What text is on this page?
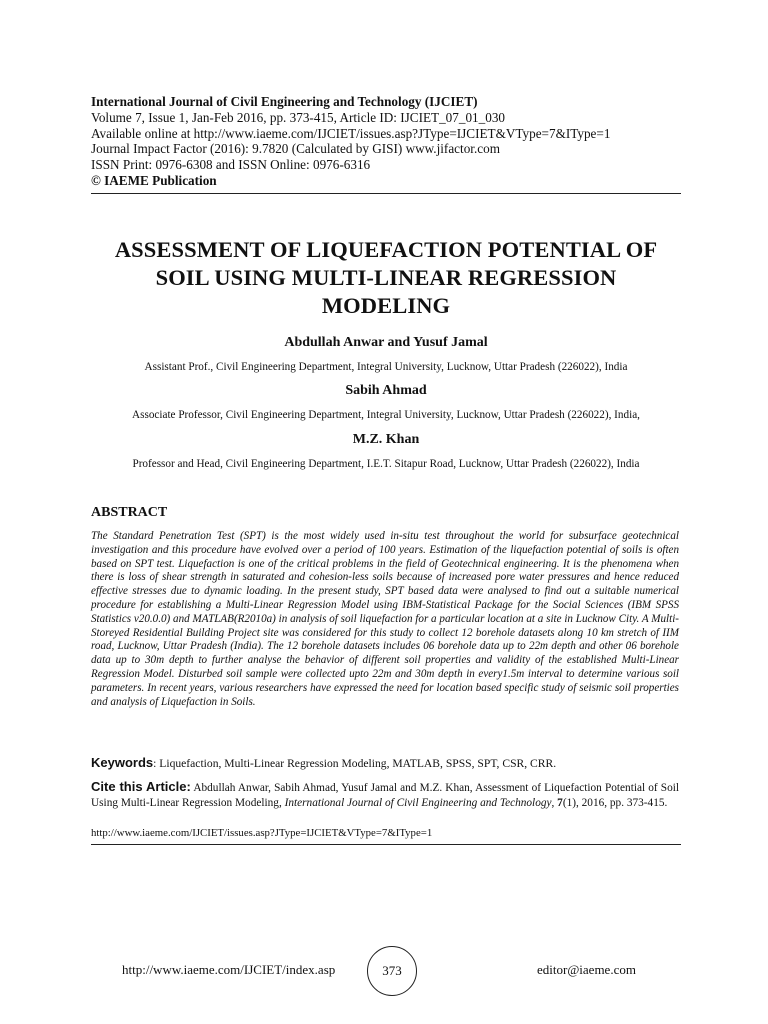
International Journal of Civil Engineering and Technology (IJCIET)
Volume 7, Issue 1, Jan-Feb 2016, pp. 373-415, Article ID: IJCIET_07_01_030
Available online at http://www.iaeme.com/IJCIET/issues.asp?JType=IJCIET&VType=7&IType=1
Journal Impact Factor (2016): 9.7820 (Calculated by GISI) www.jifactor.com
ISSN Print: 0976-6308 and ISSN Online: 0976-6316
© IAEME Publication
ASSESSMENT OF LIQUEFACTION POTENTIAL OF
SOIL USING MULTI-LINEAR REGRESSION
MODELING
Abdullah Anwar and Yusuf Jamal
Assistant Prof., Civil Engineering Department, Integral University, Lucknow, Uttar Pradesh (226022), India
Sabih Ahmad
Associate Professor, Civil Engineering Department, Integral University, Lucknow, Uttar Pradesh (226022), India,
M.Z. Khan
Professor and Head, Civil Engineering Department, I.E.T. Sitapur Road, Lucknow, Uttar Pradesh (226022), India
ABSTRACT
The Standard Penetration Test (SPT) is the most widely used in-situ test throughout the world for subsurface geotechnical investigation and this procedure have evolved over a period of 100 years. Estimation of the liquefaction potential of soils is often based on SPT test. Liquefaction is one of the critical problems in the field of Geotechnical engineering. It is the phenomena when there is loss of shear strength in saturated and cohesion-less soils because of increased pore water pressures and hence reduced effective stresses due to dynamic loading. In the present study, SPT based data were analysed to find out a suitable numerical procedure for establishing a Multi-Linear Regression Model using IBM-Statistical Package for the Social Sciences (IBM SPSS Statistics v20.0.0) and MATLAB(R2010a) in analysis of soil liquefaction for a particular location at a site in Lucknow City. A Multi-Storeyed Residential Building Project site was considered for this study to collect 12 borehole datasets along 10 km stretch of IIM road, Lucknow, Uttar Pradesh (India). The 12 borehole datasets includes 06 borehole data up to 22m depth and other 06 borehole data up to 30m depth to further analyse the behavior of different soil properties and validity of the established Multi-Linear Regression Model. Disturbed soil sample were collected upto 22m and 30m depth in every1.5m interval to determine various soil parameters. In recent years, various researchers have expressed the need for location based specific study of seismic soil properties and analysis of Liquefaction in Soils.
Keywords: Liquefaction, Multi-Linear Regression Modeling, MATLAB, SPSS, SPT, CSR, CRR.
Cite this Article: Abdullah Anwar, Sabih Ahmad, Yusuf Jamal and M.Z. Khan, Assessment of Liquefaction Potential of Soil Using Multi-Linear Regression Modeling, International Journal of Civil Engineering and Technology, 7(1), 2016, pp. 373-415.
http://www.iaeme.com/IJCIET/issues.asp?JType=IJCIET&VType=7&IType=1
http://www.iaeme.com/IJCIET/index.asp	373	editor@iaeme.com
